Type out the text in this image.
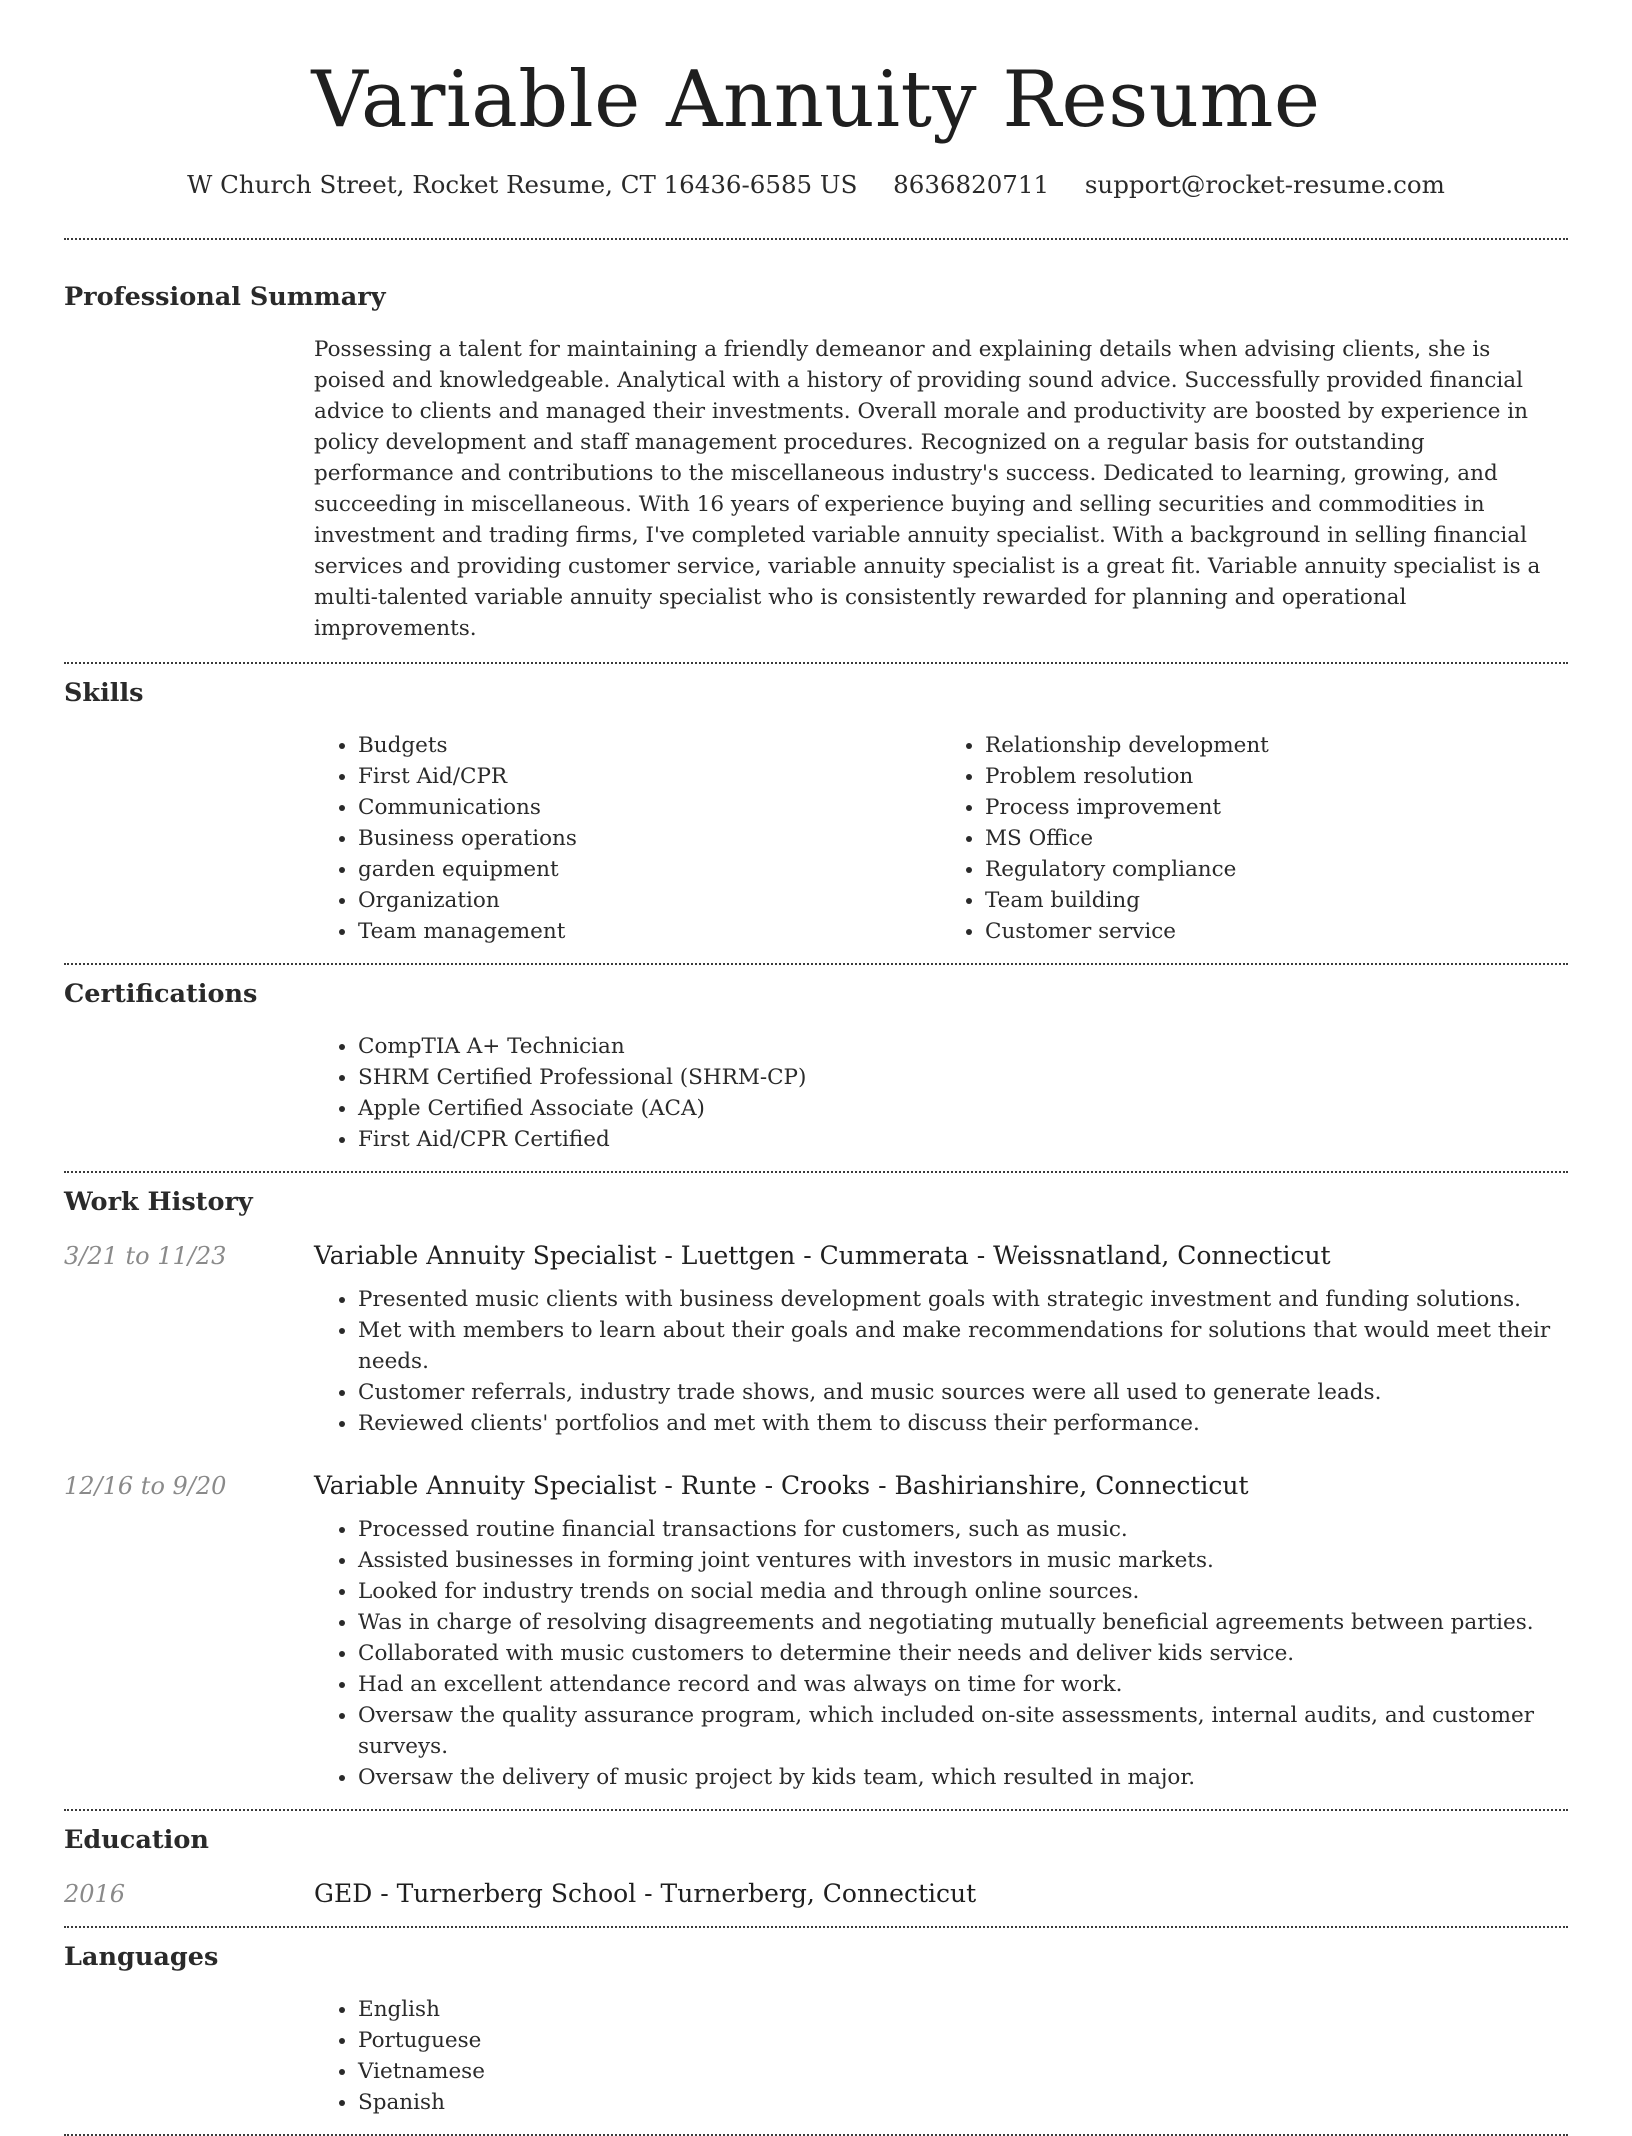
Variable Annuity Resume
W Church Street, Rocket Resume, CT 16436-6585 US 8636820711 support@rocket-resume.com
Professional Summary

Possessing a talent for maintaining a friendly demeanor and explaining details when advising clients, she is poised and knowledgeable. Analytical with a history of providing sound advice. Successfully provided financial advice to clients and managed their investments. Overall morale and productivity are boosted by experience in policy development and staff management procedures. Recognized on a regular basis for outstanding performance and contributions to the miscellaneous industry's success. Dedicated to learning, growing, and succeeding in miscellaneous. With 16 years of experience buying and selling securities and commodities in investment and trading firms, I've completed variable annuity specialist. With a background in selling financial services and providing customer service, variable annuity specialist is a great fit. Variable annuity specialist is a multi-talented variable annuity specialist who is consistently rewarded for planning and operational improvements.

Skills
• Budgets
• First Aid/CPR
• Communications
• Business operations
• garden equipment
• Organization
• Team management
• Relationship development
• Problem resolution
• Process improvement
• MS Office
• Regulatory compliance
• Team building
• Customer service
Certifications
• CompTIA A+ Technician
• SHRM Certified Professional (SHRM-CP)
• Apple Certified Associate (ACA)
• First Aid/CPR Certified
Work History
3/21 to 11/23	Variable Annuity Specialist - Luettgen - Cummerata - Weissnatland, Connecticut
• Presented music clients with business development goals with strategic investment and funding solutions.
• Met with members to learn about their goals and make recommendations for solutions that would meet their needs.
• Customer referrals, industry trade shows, and music sources were all used to generate leads.
• Reviewed clients' portfolios and met with them to discuss their performance.
12/16 to 9/20	Variable Annuity Specialist - Runte - Crooks - Bashirianshire, Connecticut
• Processed routine financial transactions for customers, such as music.
• Assisted businesses in forming joint ventures with investors in music markets.
• Looked for industry trends on social media and through online sources.
• Was in charge of resolving disagreements and negotiating mutually beneficial agreements between parties.
• Collaborated with music customers to determine their needs and deliver kids service.
• Had an excellent attendance record and was always on time for work.
• Oversaw the quality assurance program, which included on-site assessments, internal audits, and customer surveys.
• Oversaw the delivery of music project by kids team, which resulted in major.
Education
2016	GED - Turnerberg School - Turnerberg, Connecticut
Languages
• English
• Portuguese
• Vietnamese
• Spanish
